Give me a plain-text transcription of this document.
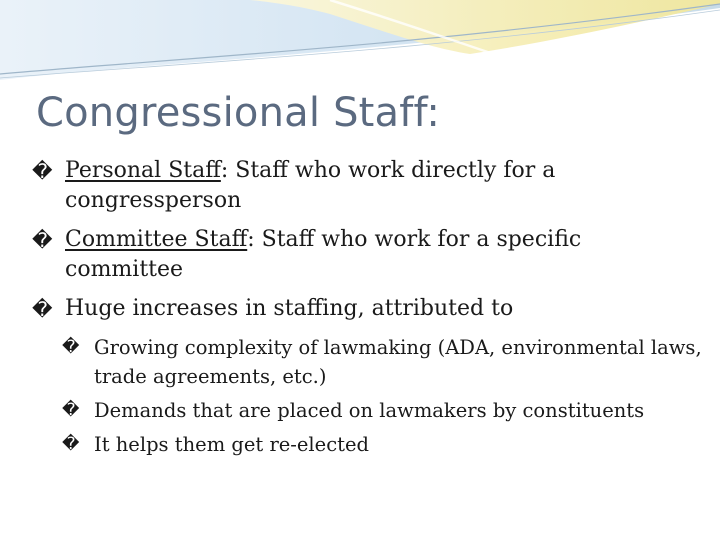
Congressional Staff:
� Personal Staff: Staff who work directly for a congressperson
� Committee Staff: Staff who work for a specific committee
� Huge increases in staffing, attributed to
� Growing complexity of lawmaking (ADA, environmental laws, trade agreements, etc.)
� Demands that are placed on lawmakers by constituents
� It helps them get re-elected
